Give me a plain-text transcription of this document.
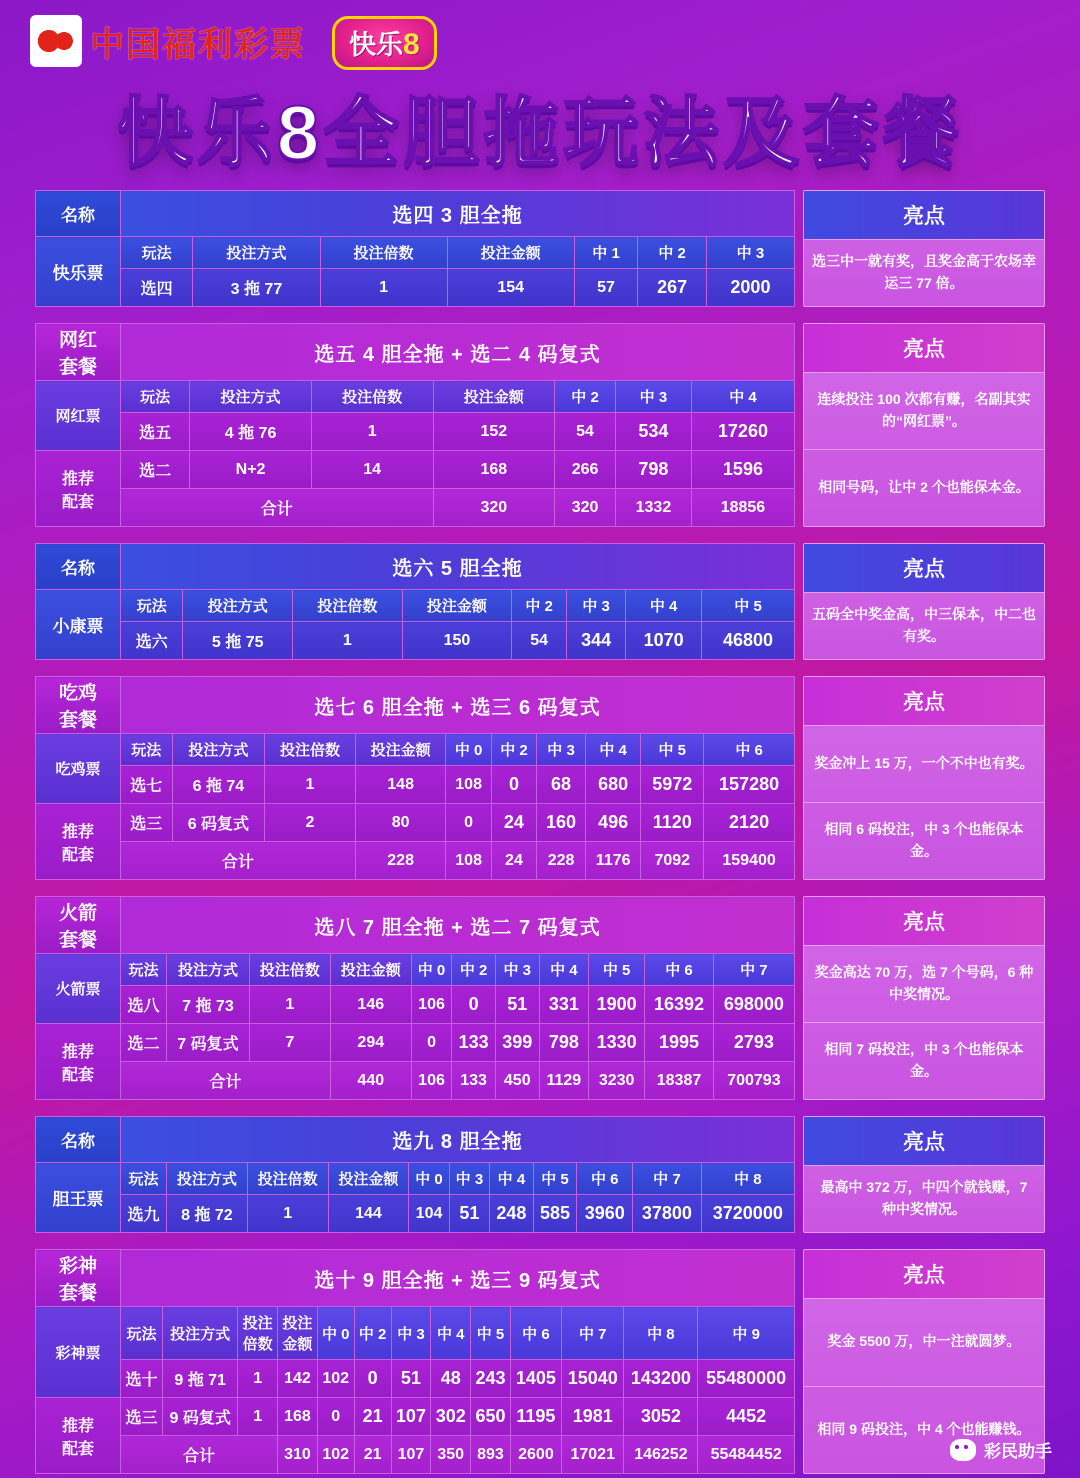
中国福利彩票	快乐8
快乐8全胆拖玩法及套餐
名称	选四 3 胆全拖						
快乐票	玩法	投注方式	投注倍数	投注金额	中 1	中 2	中 3
	选四	3 拖 77	1	154	57	267	2000
亮点
选三中一就有奖，且奖金高于农场幸运三 77 倍。
网红
套餐	选五 4 胆全拖 + 选二 4 码复式						
网红票	玩法	投注方式	投注倍数	投注金额	中 2	中 3	中 4
	选五	4 拖 76	1	152	54	534	17260
推荐
配套	选二	N+2	14	168	266	798	1596
	合计			320	320	1332	18856
亮点
连续投注 100 次都有赚，名副其实的“网红票”。
相同号码，让中 2 个也能保本金。
名称	选六 5 胆全拖							
小康票	玩法	投注方式	投注倍数	投注金额	中 2	中 3	中 4	中 5
	选六	5 拖 75	1	150	54	344	1070	46800
亮点
五码全中奖金高，中三保本，中二也有奖。
吃鸡
套餐	选七 6 胆全拖 + 选三 6 码复式									
吃鸡票	玩法	投注方式	投注倍数	投注金额	中 0	中 2	中 3	中 4	中 5	中 6
	选七	6 拖 74	1	148	108	0	68	680	5972	157280
推荐
配套	选三	6 码复式	2	80	0	24	160	496	1120	2120
	合计			228	108	24	228	1176	7092	159400
亮点
奖金冲上 15 万，一个不中也有奖。
相同 6 码投注，中 3 个也能保本金。
火箭
套餐	选八 7 胆全拖 + 选二 7 码复式										
火箭票	玩法	投注方式	投注倍数	投注金额	中 0	中 2	中 3	中 4	中 5	中 6	中 7
	选八	7 拖 73	1	146	106	0	51	331	1900	16392	698000
推荐
配套	选二	7 码复式	7	294	0	133	399	798	1330	1995	2793
	合计			440	106	133	450	1129	3230	18387	700793
亮点
奖金高达 70 万，选 7 个号码，6 种中奖情况。
相同 7 码投注，中 3 个也能保本金。
名称	选九 8 胆全拖										
胆王票	玩法	投注方式	投注倍数	投注金额	中 0	中 3	中 4	中 5	中 6	中 7	中 8
	选九	8 拖 72	1	144	104	51	248	585	3960	37800	3720000
亮点
最高中 372 万，中四个就钱赚，7 种中奖情况。
彩神
套餐	选十 9 胆全拖 + 选三 9 码复式												
彩神票	玩法	投注方式	投注
倍数	投注
金额	中 0	中 2	中 3	中 4	中 5	中 6	中 7	中 8	中 9
	选十	9 拖 71	1	142	102	0	51	48	243	1405	15040	143200	55480000
推荐
配套	选三	9 码复式	1	168	0	21	107	302	650	1195	1981	3052	4452
	合计			310	102	21	107	350	893	2600	17021	146252	55484452
亮点
奖金 5500 万，中一注就圆梦。
相同 9 码投注，中 4 个也能赚钱。
彩民助手
